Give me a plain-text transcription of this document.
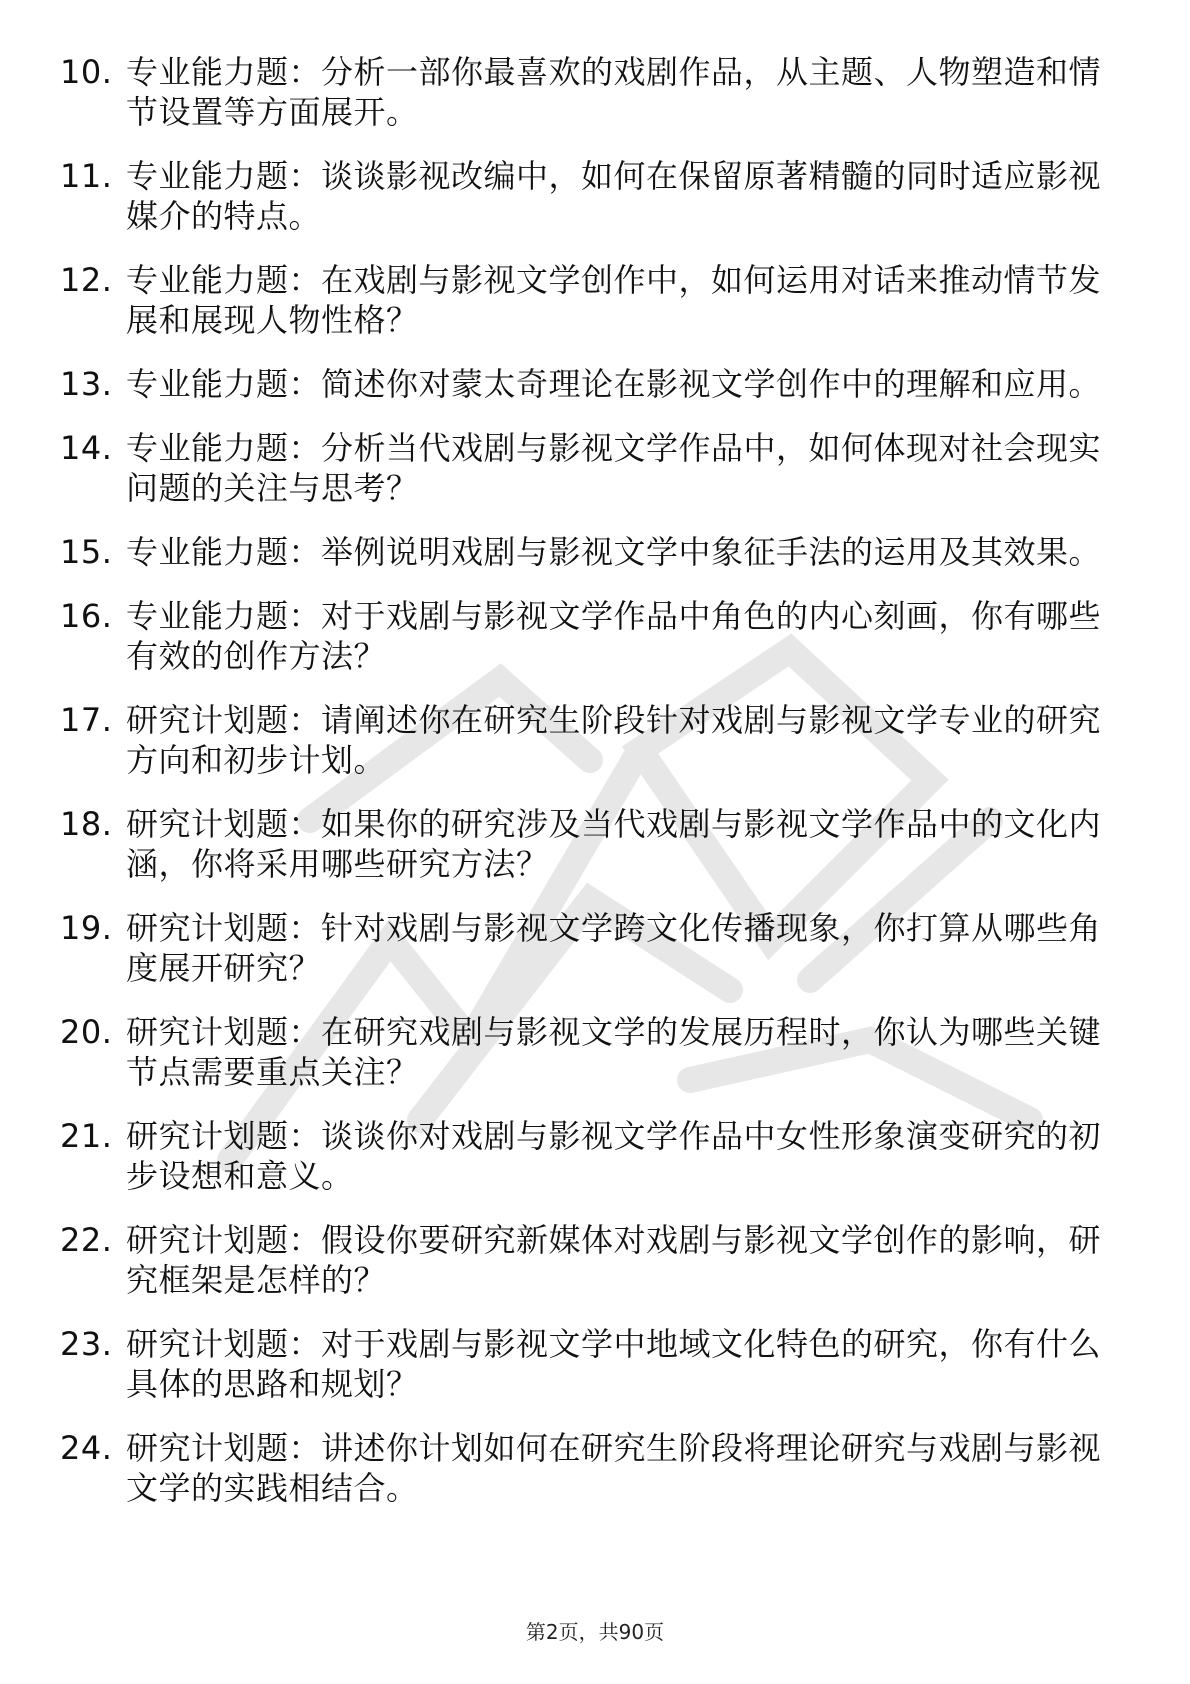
10. 专业能力题：分析一部你最喜欢的戏剧作品，从主题、人物塑造和情节设置等方面展开。
11. 专业能力题：谈谈影视改编中，如何在保留原著精髓的同时适应影视媒介的特点。
12. 专业能力题：在戏剧与影视文学创作中，如何运用对话来推动情节发展和展现人物性格？
13. 专业能力题：简述你对蒙太奇理论在影视文学创作中的理解和应用。
14. 专业能力题：分析当代戏剧与影视文学作品中，如何体现对社会现实问题的关注与思考？
15. 专业能力题：举例说明戏剧与影视文学中象征手法的运用及其效果。
16. 专业能力题：对于戏剧与影视文学作品中角色的内心刻画，你有哪些有效的创作方法？
17. 研究计划题：请阐述你在研究生阶段针对戏剧与影视文学专业的研究方向和初步计划。
18. 研究计划题：如果你的研究涉及当代戏剧与影视文学作品中的文化内涵，你将采用哪些研究方法？
19. 研究计划题：针对戏剧与影视文学跨文化传播现象，你打算从哪些角度展开研究？
20. 研究计划题：在研究戏剧与影视文学的发展历程时，你认为哪些关键节点需要重点关注？
21. 研究计划题：谈谈你对戏剧与影视文学作品中女性形象演变研究的初步设想和意义。
22. 研究计划题：假设你要研究新媒体对戏剧与影视文学创作的影响，研究框架是怎样的？
23. 研究计划题：对于戏剧与影视文学中地域文化特色的研究，你有什么具体的思路和规划？
24. 研究计划题：讲述你计划如何在研究生阶段将理论研究与戏剧与影视文学的实践相结合。
第2页，共90页
